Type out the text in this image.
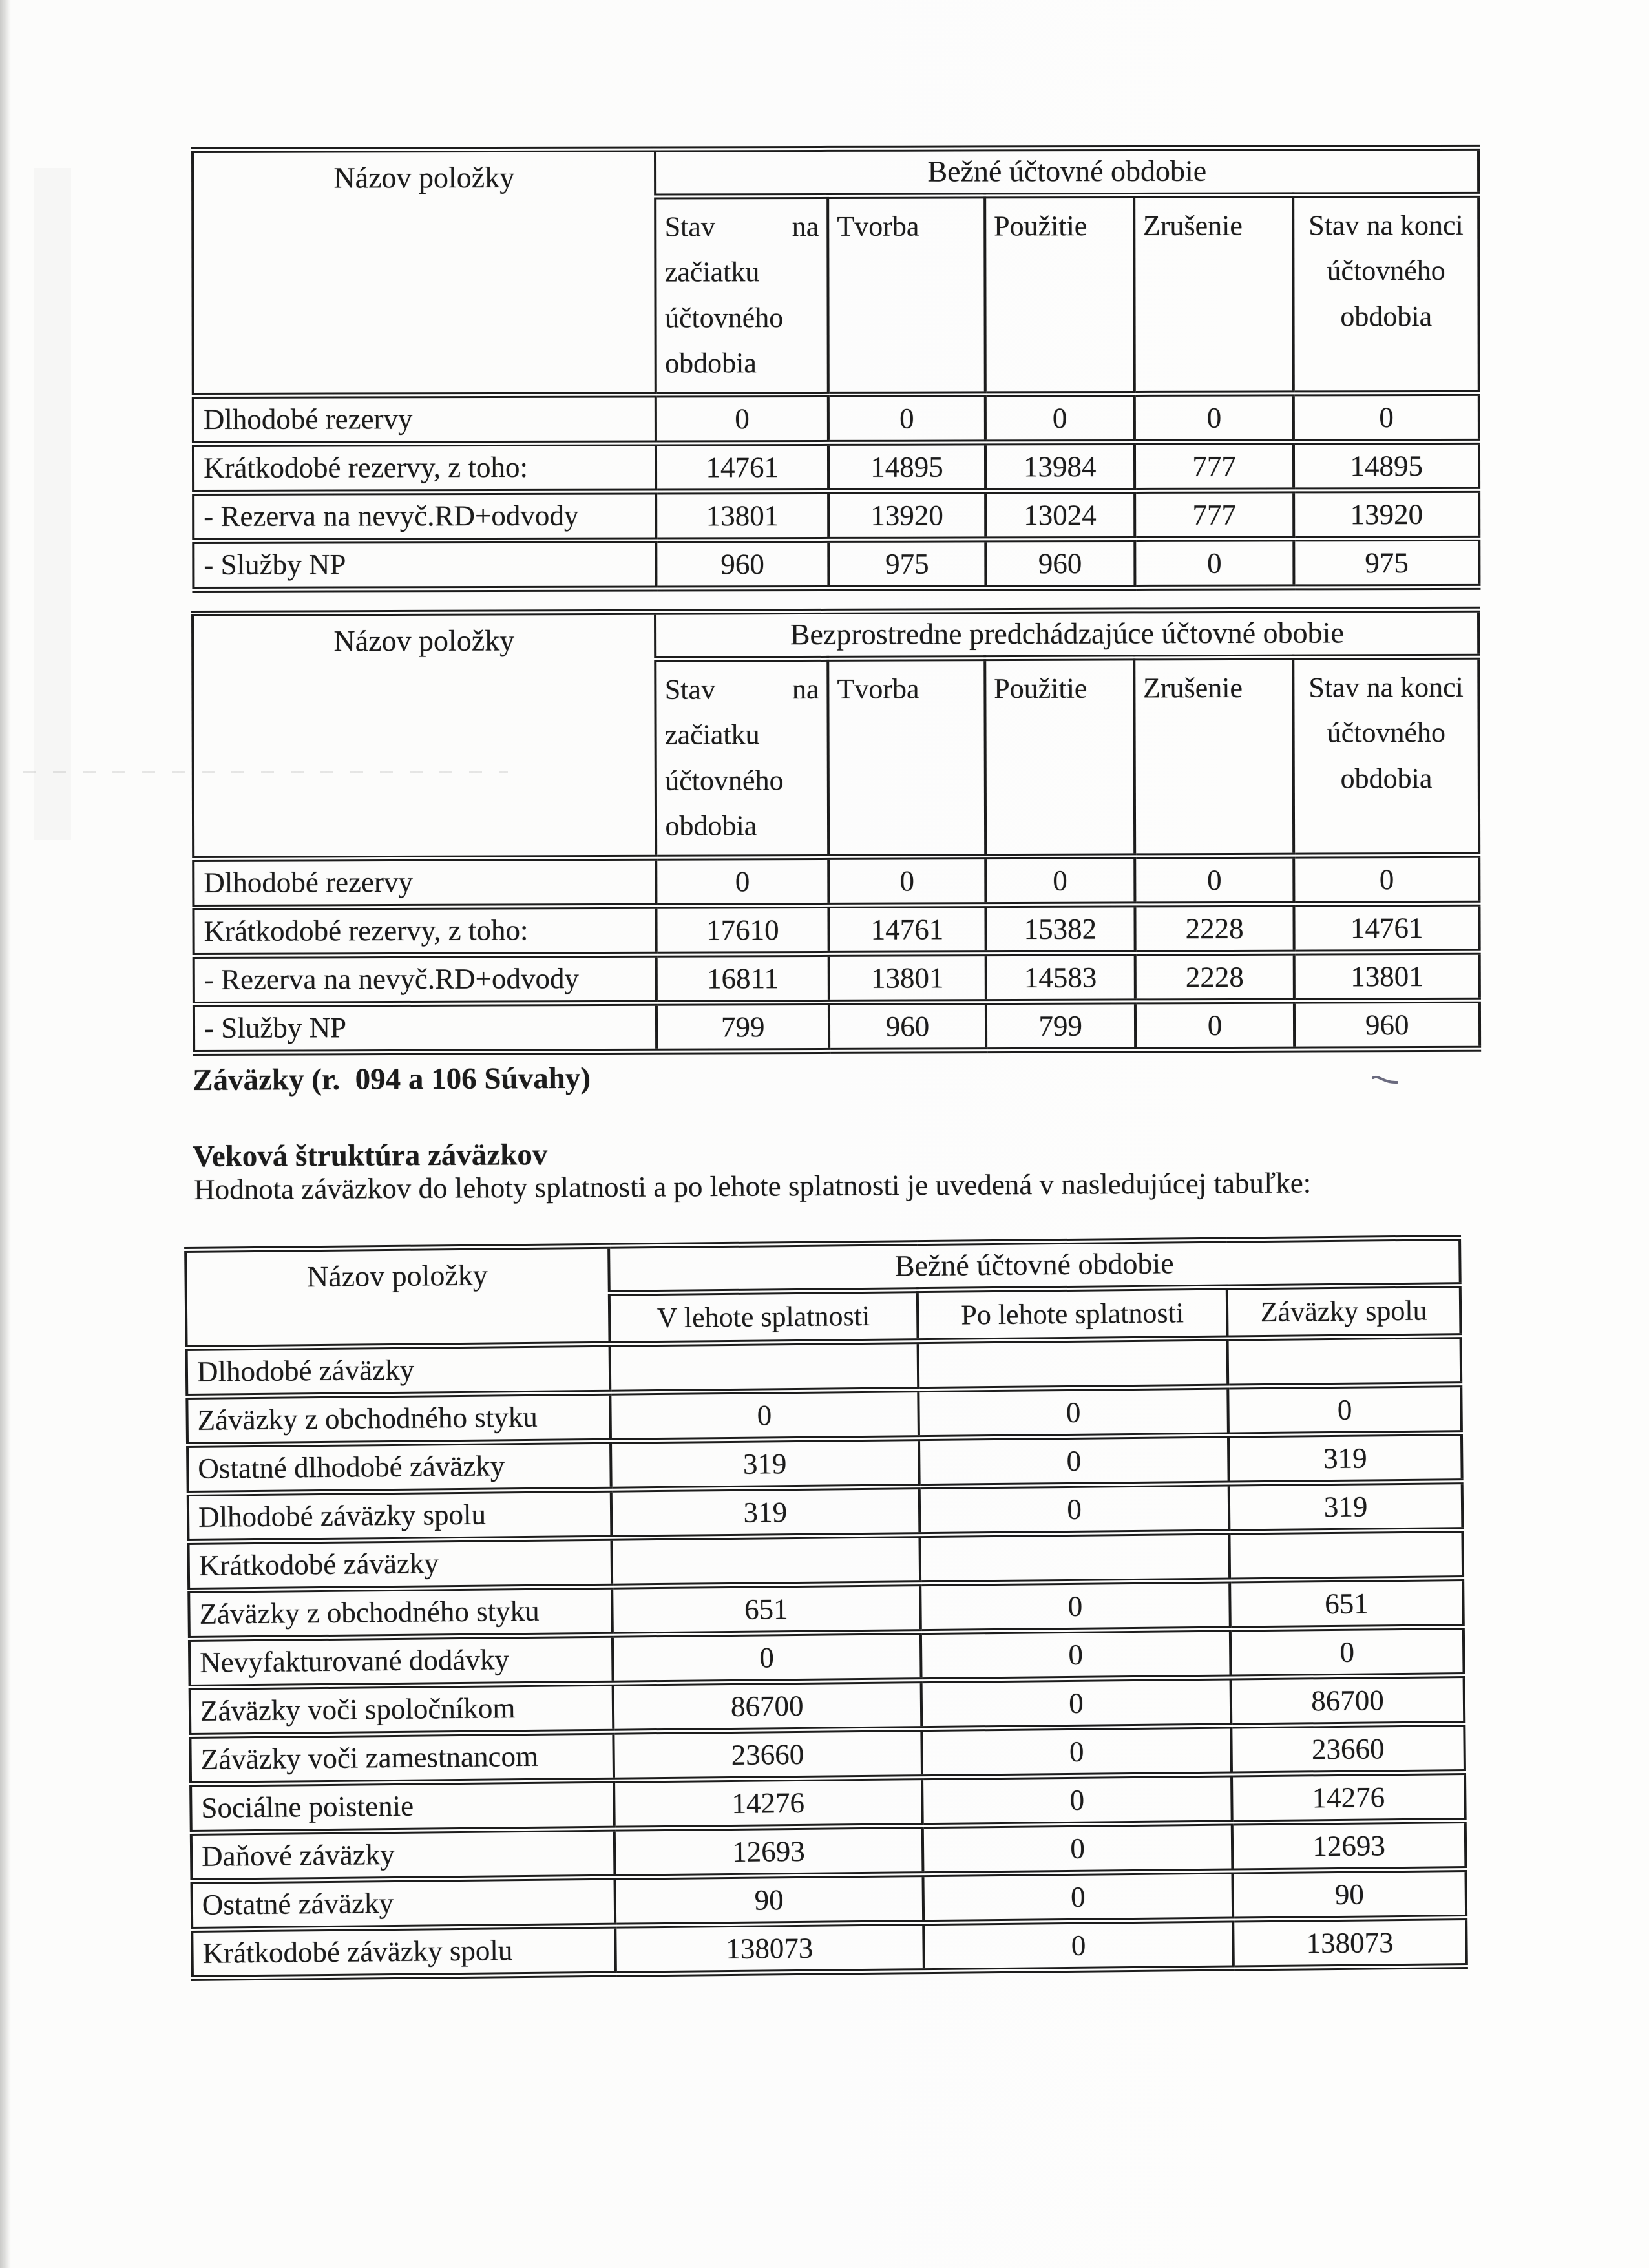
Názov položky	Bežné účtovné obdobie				
	Stav na začiatku účtovného obdobia	Tvorba	Použitie	Zrušenie	Stav na konci účtovného obdobia
Dlhodobé rezervy	0	0	0	0	0
Krátkodobé rezervy, z toho:	14761	14895	13984	777	14895
- Rezerva na nevyč.RD+odvody	13801	13920	13024	777	13920
- Služby NP	960	975	960	0	975
Názov položky	Bezprostredne predchádzajúce účtovné obobie				
	Stav na začiatku účtovného obdobia	Tvorba	Použitie	Zrušenie	Stav na konci účtovného obdobia
Dlhodobé rezervy	0	0	0	0	0
Krátkodobé rezervy, z toho:	17610	14761	15382	2228	14761
- Rezerva na nevyč.RD+odvody	16811	13801	14583	2228	13801
- Služby NP	799	960	799	0	960
Záväzky (r.  094 a 106 Súvahy)
Veková štruktúra záväzkov
Hodnota záväzkov do lehoty splatnosti a po lehote splatnosti je uvedená v nasledujúcej tabuľke:
Názov položky	Bežné účtovné obdobie		
	V lehote splatnosti	Po lehote splatnosti	Záväzky spolu
Dlhodobé záväzky			
Záväzky z obchodného styku	0	0	0
Ostatné dlhodobé záväzky	319	0	319
Dlhodobé záväzky spolu	319	0	319
Krátkodobé záväzky			
Záväzky z obchodného styku	651	0	651
Nevyfakturované dodávky	0	0	0
Záväzky voči spoločníkom	86700	0	86700
Záväzky voči zamestnancom	23660	0	23660
Sociálne poistenie	14276	0	14276
Daňové záväzky	12693	0	12693
Ostatné záväzky	90	0	90
Krátkodobé záväzky spolu	138073	0	138073
